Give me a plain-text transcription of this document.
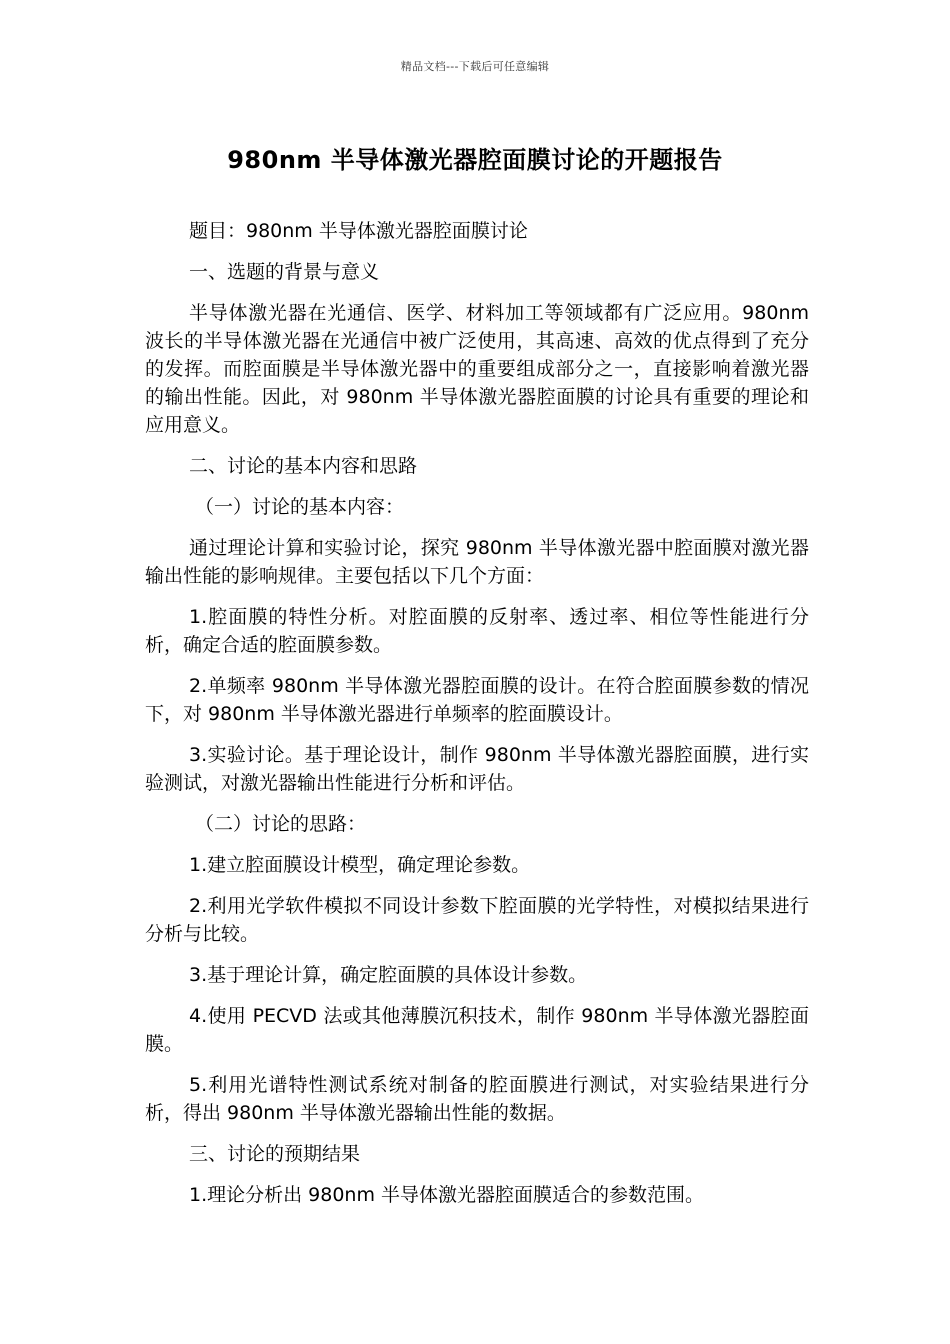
精品文档---下载后可任意编辑
980nm 半导体激光器腔面膜讨论的开题报告

题目：980nm 半导体激光器腔面膜讨论

一、选题的背景与意义

半导体激光器在光通信、医学、材料加工等领域都有广泛应用。980nm 波长的半导体激光器在光通信中被广泛使用，其高速、高效的优点得到了充分的发挥。而腔面膜是半导体激光器中的重要组成部分之一，直接影响着激光器的输出性能。因此，对 980nm 半导体激光器腔面膜的讨论具有重要的理论和应用意义。

二、讨论的基本内容和思路

（一）讨论的基本内容：

通过理论计算和实验讨论，探究 980nm 半导体激光器中腔面膜对激光器输出性能的影响规律。主要包括以下几个方面：

1.腔面膜的特性分析。对腔面膜的反射率、透过率、相位等性能进行分析，确定合适的腔面膜参数。

2.单频率 980nm 半导体激光器腔面膜的设计。在符合腔面膜参数的情况下，对 980nm 半导体激光器进行单频率的腔面膜设计。

3.实验讨论。基于理论设计，制作 980nm 半导体激光器腔面膜，进行实验测试，对激光器输出性能进行分析和评估。

（二）讨论的思路：

1.建立腔面膜设计模型，确定理论参数。

2.利用光学软件模拟不同设计参数下腔面膜的光学特性，对模拟结果进行分析与比较。

3.基于理论计算，确定腔面膜的具体设计参数。

4.使用 PECVD 法或其他薄膜沉积技术，制作 980nm 半导体激光器腔面膜。

5.利用光谱特性测试系统对制备的腔面膜进行测试，对实验结果进行分析，得出 980nm 半导体激光器输出性能的数据。

三、讨论的预期结果

1.理论分析出 980nm 半导体激光器腔面膜适合的参数范围。
